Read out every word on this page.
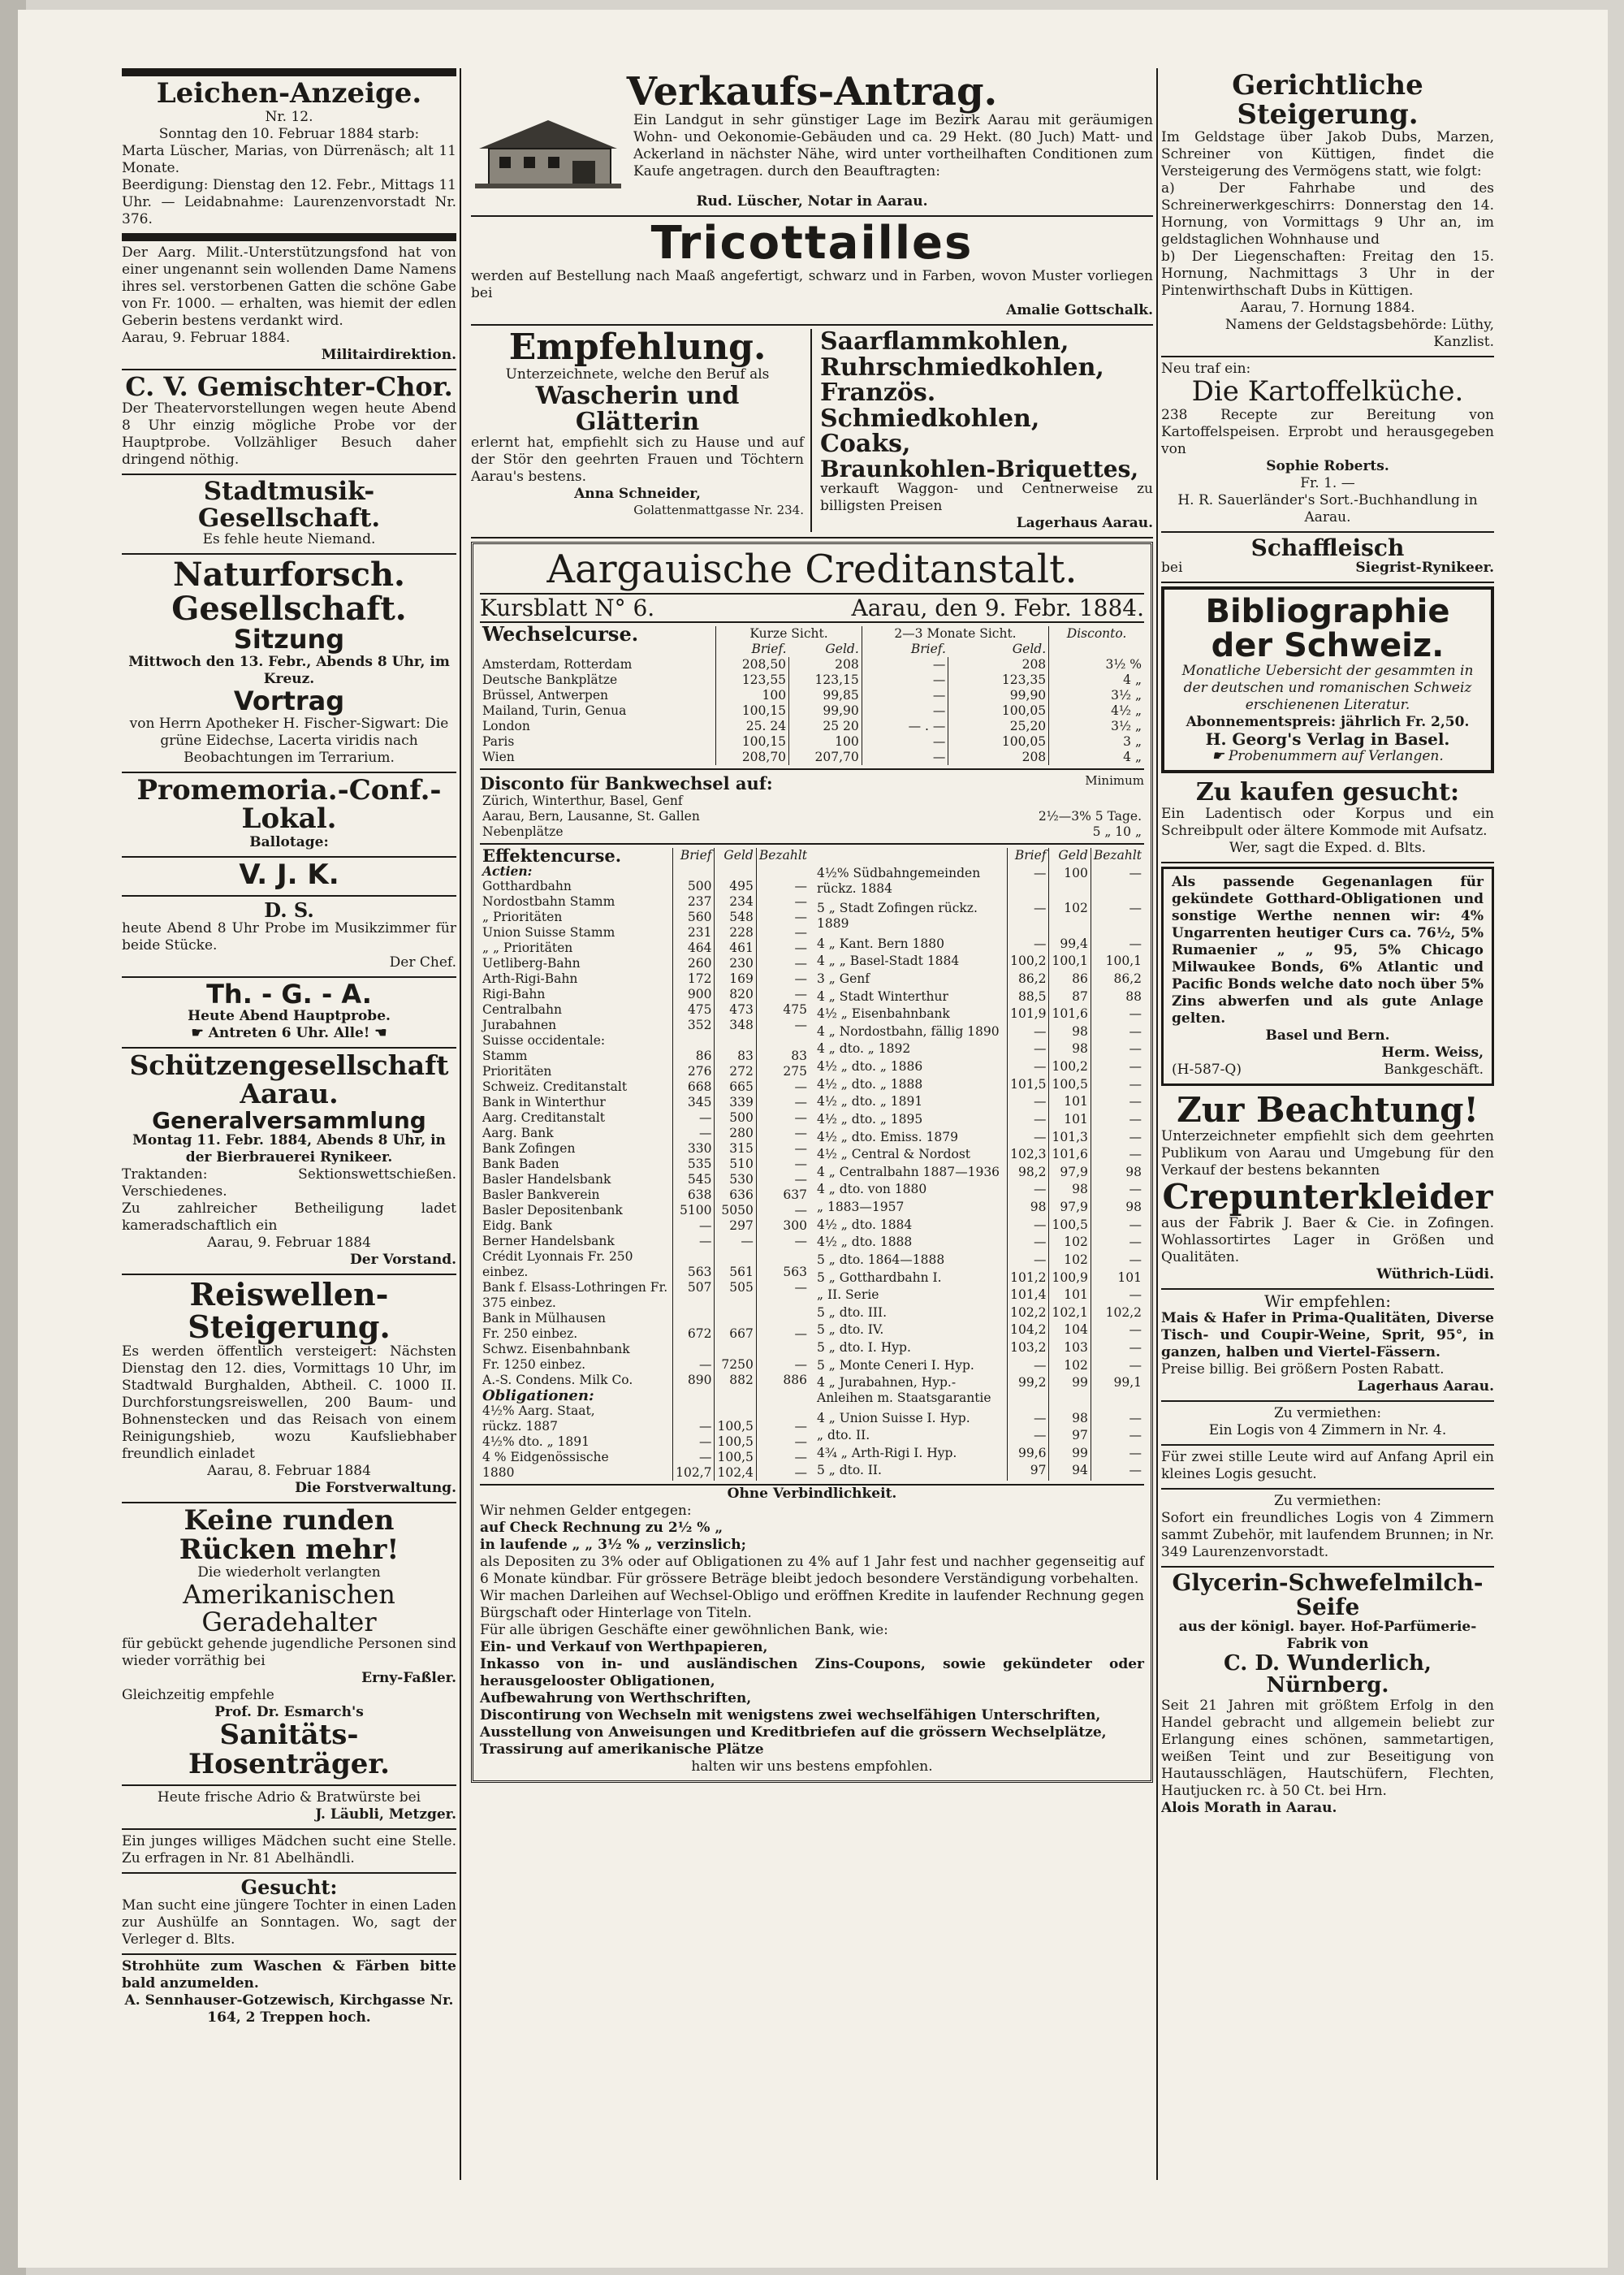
Leichen-Anzeige.
Nr. 12.
Sonntag den 10. Februar 1884 starb:
Marta Lüscher, Marias, von Dürrenäsch; alt 11 Monate.
Beerdigung: Dienstag den 12. Febr., Mittags 11 Uhr. — Leidabnahme: Laurenzenvorstadt Nr. 376.
Der Aarg. Milit.-Unterstützungsfond hat von einer ungenannt sein wollenden Dame Namens ihres sel. verstorbenen Gatten die schöne Gabe von Fr. 1000. — erhalten, was hiemit der edlen Geberin bestens verdankt wird.
Aarau, 9. Februar 1884.
Militairdirektion.
C. V. Gemischter-Chor.
Der Theatervorstellungen wegen heute Abend 8 Uhr einzig mögliche Probe vor der Hauptprobe. Vollzähliger Besuch daher dringend nöthig.
Stadtmusik-Gesellschaft.
Es fehle heute Niemand.
Naturforsch. Gesellschaft.
Sitzung
Mittwoch den 13. Febr., Abends 8 Uhr, im Kreuz.
Vortrag
von Herrn Apotheker H. Fischer-Sigwart: Die grüne Eidechse, Lacerta viridis nach Beobachtungen im Terrarium.
Promemoria.-Conf.-Lokal.
Ballotage:
V. J. K.
D. S.
heute Abend 8 Uhr Probe im Musikzimmer für beide Stücke.
Der Chef.
Th. - G. - A.
Heute Abend Hauptprobe.
☛ Antreten 6 Uhr. Alle! ☚
Schützengesellschaft Aarau.
Generalversammlung
Montag 11. Febr. 1884, Abends 8 Uhr, in der Bierbrauerei Rynikeer.
Traktanden: Sektionswettschießen. Verschiedenes.
Zu zahlreicher Betheiligung ladet kameradschaftlich ein
Aarau, 9. Februar 1884
Der Vorstand.
Reiswellen-Steigerung.
Es werden öffentlich versteigert: Nächsten Dienstag den 12. dies, Vormittags 10 Uhr, im Stadtwald Burghalden, Abtheil. C. 1000 II. Durchforstungsreiswellen, 200 Baum- und Bohnenstecken und das Reisach von einem Reinigungshieb, wozu Kaufsliebhaber freundlich einladet
Aarau, 8. Februar 1884
Die Forstverwaltung.
Keine runden Rücken mehr!
Die wiederholt verlangten
Amerikanischen Geradehalter
für gebückt gehende jugendliche Personen sind wieder vorräthig bei
Erny-Faßler.
Gleichzeitig empfehle
Prof. Dr. Esmarch's
Sanitäts-Hosenträger.
Heute frische Adrio & Bratwürste bei
J. Läubli, Metzger.
Ein junges williges Mädchen sucht eine Stelle. Zu erfragen in Nr. 81 Abelhändli.
Gesucht:
Man sucht eine jüngere Tochter in einen Laden zur Aushülfe an Sonntagen. Wo, sagt der Verleger d. Blts.
Strohhüte zum Waschen & Färben bitte bald anzumelden.
A. Sennhauser-Gotzewisch, Kirchgasse Nr. 164, 2 Treppen hoch.
Verkaufs-Antrag.
Ein Landgut in sehr günstiger Lage im Bezirk Aarau mit geräumigen Wohn- und Oekonomie-Gebäuden und ca. 29 Hekt. (80 Juch) Matt- und Ackerland in nächster Nähe, wird unter vortheilhaften Conditionen zum Kaufe angetragen. durch den Beauftragten:
Rud. Lüscher, Notar in Aarau.
Tricottailles
werden auf Bestellung nach Maaß angefertigt, schwarz und in Farben, wovon Muster vorliegen bei
Amalie Gottschalk.
Empfehlung.
Unterzeichnete, welche den Beruf als
Wascherin und Glätterin
erlernt hat, empfiehlt sich zu Hause und auf der Stör den geehrten Frauen und Töchtern Aarau's bestens.
Anna Schneider,
Golattenmattgasse Nr. 234.
Saarflammkohlen,
Ruhrschmiedkohlen,
Französ. Schmiedkohlen,
Coaks,
Braunkohlen-Briquettes,
verkauft Waggon- und Centnerweise zu billigsten Preisen
Lagerhaus Aarau.
Aargauische Creditanstalt.
Kursblatt N° 6.	Aarau, den 9. Febr. 1884.
Wechselcurse.	Kurze Sicht.		2—3 Monate Sicht.		Disconto.
	Brief.	Geld.	Brief.	Geld.	
Amsterdam, Rotterdam	208,50	208	—	208	3½ %
Deutsche Bankplätze	123,55	123,15	—	123,35	4 „
Brüssel, Antwerpen	100	99,85	—	99,90	3½ „
Mailand, Turin, Genua	100,15	99,90	—	100,05	4½ „
London	25. 24	25 20	— . —	25,20	3½ „
Paris	100,15	100	—	100,05	3 „
Wien	208,70	207,70	—	208	4 „
Disconto für Bankwechsel auf:	Minimum
Zürich, Winterthur, Basel, Genf	
Aarau, Bern, Lausanne, St. Gallen	2½—3% 5 Tage.
Nebenplätze	5 „ 10 „
Effektencurse.	Brief	Geld	Bezahlt
Actien:			
Gotthardbahn	500	495	—
Nordostbahn Stamm	237	234	—
„ Prioritäten	560	548	—
Union Suisse Stamm	231	228	—
„ „ Prioritäten	464	461	—
Uetliberg-Bahn	260	230	—
Arth-Rigi-Bahn	172	169	—
Rigi-Bahn	900	820	—
Centralbahn	475	473	475
Jurabahnen	352	348	—
Suisse occidentale:			
Stamm	86	83	83
Prioritäten	276	272	275

Schweiz. Creditanstalt	668	665	—
Bank in Winterthur	345	339	—
Aarg. Creditanstalt	—	500	—
Aarg. Bank	—	280	—
Bank Zofingen	330	315	—
Bank Baden	535	510	—
Basler Handelsbank	545	530	—
Basler Bankverein	638	636	637
Basler Depositenbank	5100	5050	—
Eidg. Bank	—	297	300
Berner Handelsbank	—	—	—
Crédit Lyonnais Fr. 250			
einbez.	563	561	563
Bank f. Elsass-Lothringen Fr. 375 einbez.	507	505	—
Bank in Mülhausen			
Fr. 250 einbez.	672	667	—
Schwz. Eisenbahnbank			
Fr. 1250 einbez.	—	7250	—
A.-S. Condens. Milk Co.	890	882	886
Obligationen:			
4½% Aarg. Staat,			
rückz. 1887	—	100,5	—
4½% dto. „ 1891	—	100,5	—
4 % Eidgenössische	—	100,5	—
1880	102,7	102,4	—
	Brief	Geld	Bezahlt
4½% Südbahngemeinden rückz. 1884	—	100	—
5 „ Stadt Zofingen rückz. 1889	—	102	—
4 „ Kant. Bern 1880	—	99,4	—
4 „ „ Basel-Stadt 1884	100,2	100,1	100,1
3 „ Genf	86,2	86	86,2
4 „ Stadt Winterthur	88,5	87	88
4½ „ Eisenbahnbank	101,9	101,6	—
4 „ Nordostbahn, fällig 1890	—	98	—
4 „ dto. „ 1892	—	98	—
4½ „ dto. „ 1886	—	100,2	—
4½ „ dto. „ 1888	101,5	100,5	—
4½ „ dto. „ 1891	—	101	—
4½ „ dto. „ 1895	—	101	—
4½ „ dto. Emiss. 1879	—	101,3	—
4½ „ Central & Nordost	102,3	101,6	—
4 „ Centralbahn 1887—1936	98,2	97,9	98
4 „ dto. von 1880	—	98	—
„ 1883—1957	98	97,9	98
4½ „ dto. 1884	—	100,5	—
4½ „ dto. 1888	—	102	—
5 „ dto. 1864—1888	—	102	—
5 „ Gotthardbahn I.	101,2	100,9	101
„ II. Serie	101,4	101	—
5 „ dto. III.	102,2	102,1	102,2
5 „ dto. IV.	104,2	104	—
5 „ dto. I. Hyp.	103,2	103	—
5 „ Monte Ceneri I. Hyp.	—	102	—
4 „ Jurabahnen, Hyp.-Anleihen m. Staatsgarantie	99,2	99	99,1
4 „ Union Suisse I. Hyp.	—	98	—
„ dto. II.	—	97	—
4¾ „ Arth-Rigi I. Hyp.	99,6	99	—
5 „ dto. II.	97	94	—
Ohne Verbindlichkeit.
Wir nehmen Gelder entgegen:
auf Check Rechnung zu 2½ % „
in laufende „ „ 3½ % „ verzinslich;
als Depositen zu 3% oder auf Obligationen zu 4% auf 1 Jahr fest und nachher gegenseitig auf 6 Monate kündbar. Für grössere Beträge bleibt jedoch besondere Verständigung vorbehalten.
Wir machen Darleihen auf Wechsel-Obligo und eröffnen Kredite in laufender Rechnung gegen Bürgschaft oder Hinterlage von Titeln.
Für alle übrigen Geschäfte einer gewöhnlichen Bank, wie:
Ein- und Verkauf von Werthpapieren,
Inkasso von in- und ausländischen Zins-Coupons, sowie gekündeter oder herausgelooster Obligationen,
Aufbewahrung von Werthschriften,
Discontirung von Wechseln mit wenigstens zwei wechselfähigen Unterschriften,
Ausstellung von Anweisungen und Kreditbriefen auf die grössern Wechselplätze,
Trassirung auf amerikanische Plätze
halten wir uns bestens empfohlen.
Gerichtliche Steigerung.
Im Geldstage über Jakob Dubs, Marzen, Schreiner von Küttigen, findet die Versteigerung des Vermögens statt, wie folgt:
a) Der Fahrhabe und des Schreinerwerkgeschirrs: Donnerstag den 14. Hornung, von Vormittags 9 Uhr an, im geldstaglichen Wohnhause und
b) Der Liegenschaften: Freitag den 15. Hornung, Nachmittags 3 Uhr in der Pintenwirthschaft Dubs in Küttigen.
Aarau, 7. Hornung 1884.
Namens der Geldstagsbehörde: Lüthy, Kanzlist.
Neu traf ein:
Die Kartoffelküche.
238 Recepte zur Bereitung von Kartoffelspeisen. Erprobt und herausgegeben von
Sophie Roberts.
Fr. 1. —
H. R. Sauerländer's Sort.-Buchhandlung in Aarau.
Schaffleisch
bei	Siegrist-Rynikeer.
Bibliographie der Schweiz.
Monatliche Uebersicht der gesammten in der deutschen und romanischen Schweiz erschienenen Literatur.
Abonnementspreis: jährlich Fr. 2,50.
H. Georg's Verlag in Basel.
☛ Probenummern auf Verlangen.
Zu kaufen gesucht:
Ein Ladentisch oder Korpus und ein Schreibpult oder ältere Kommode mit Aufsatz.
Wer, sagt die Exped. d. Blts.
Als passende Gegenanlagen für gekündete Gotthard-Obligationen und sonstige Werthe nennen wir: 4% Ungarrenten heutiger Curs ca. 76½, 5% Rumaenier „ „ 95, 5% Chicago Milwaukee Bonds, 6% Atlantic und Pacific Bonds welche dato noch über 5% Zins abwerfen und als gute Anlage gelten.
Basel und Bern.
Herm. Weiss,
(H-587-Q)	Bankgeschäft.
Zur Beachtung!
Unterzeichneter empfiehlt sich dem geehrten Publikum von Aarau und Umgebung für den Verkauf der bestens bekannten
Crepunterkleider
aus der Fabrik J. Baer & Cie. in Zofingen. Wohlassortirtes Lager in Größen und Qualitäten.
Wüthrich-Lüdi.
Wir empfehlen:
Mais & Hafer in Prima-Qualitäten, Diverse Tisch- und Coupir-Weine, Sprit, 95°, in ganzen, halben und Viertel-Fässern.
Preise billig. Bei größern Posten Rabatt.
Lagerhaus Aarau.
Zu vermiethen:
Ein Logis von 4 Zimmern in Nr. 4.
Für zwei stille Leute wird auf Anfang April ein kleines Logis gesucht.
Zu vermiethen:
Sofort ein freundliches Logis von 4 Zimmern sammt Zubehör, mit laufendem Brunnen; in Nr. 349 Laurenzenvorstadt.
Glycerin-Schwefelmilch-Seife
aus der königl. bayer. Hof-Parfümerie-Fabrik von
C. D. Wunderlich, Nürnberg.
Seit 21 Jahren mit größtem Erfolg in den Handel gebracht und allgemein beliebt zur Erlangung eines schönen, sammetartigen, weißen Teint und zur Beseitigung von Hautausschlägen, Hautschüfern, Flechten, Hautjucken rc. à 50 Ct. bei Hrn.
Alois Morath in Aarau.
